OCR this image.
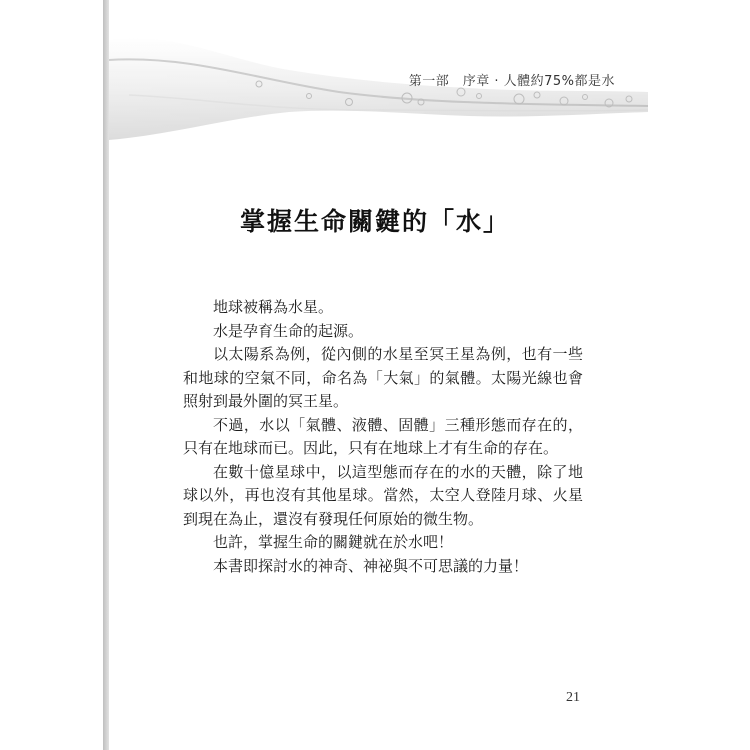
第一部　序章 · 人體約75%都是水
掌握生命關鍵的「水」

地球被稱為水星。

水是孕育生命的起源。

以太陽系為例，從內側的水星至冥王星為例，也有一些和地球的空氣不同，命名為「大氣」的氣體。太陽光線也會照射到最外圍的冥王星。

不過，水以「氣體、液體、固體」三種形態而存在的，只有在地球而已。因此，只有在地球上才有生命的存在。

在數十億星球中，以這型態而存在的水的天體，除了地球以外，再也沒有其他星球。當然，太空人登陸月球、火星到現在為止，還沒有發現任何原始的微生物。

也許，掌握生命的關鍵就在於水吧！

本書即探討水的神奇、神祕與不可思議的力量！

21
